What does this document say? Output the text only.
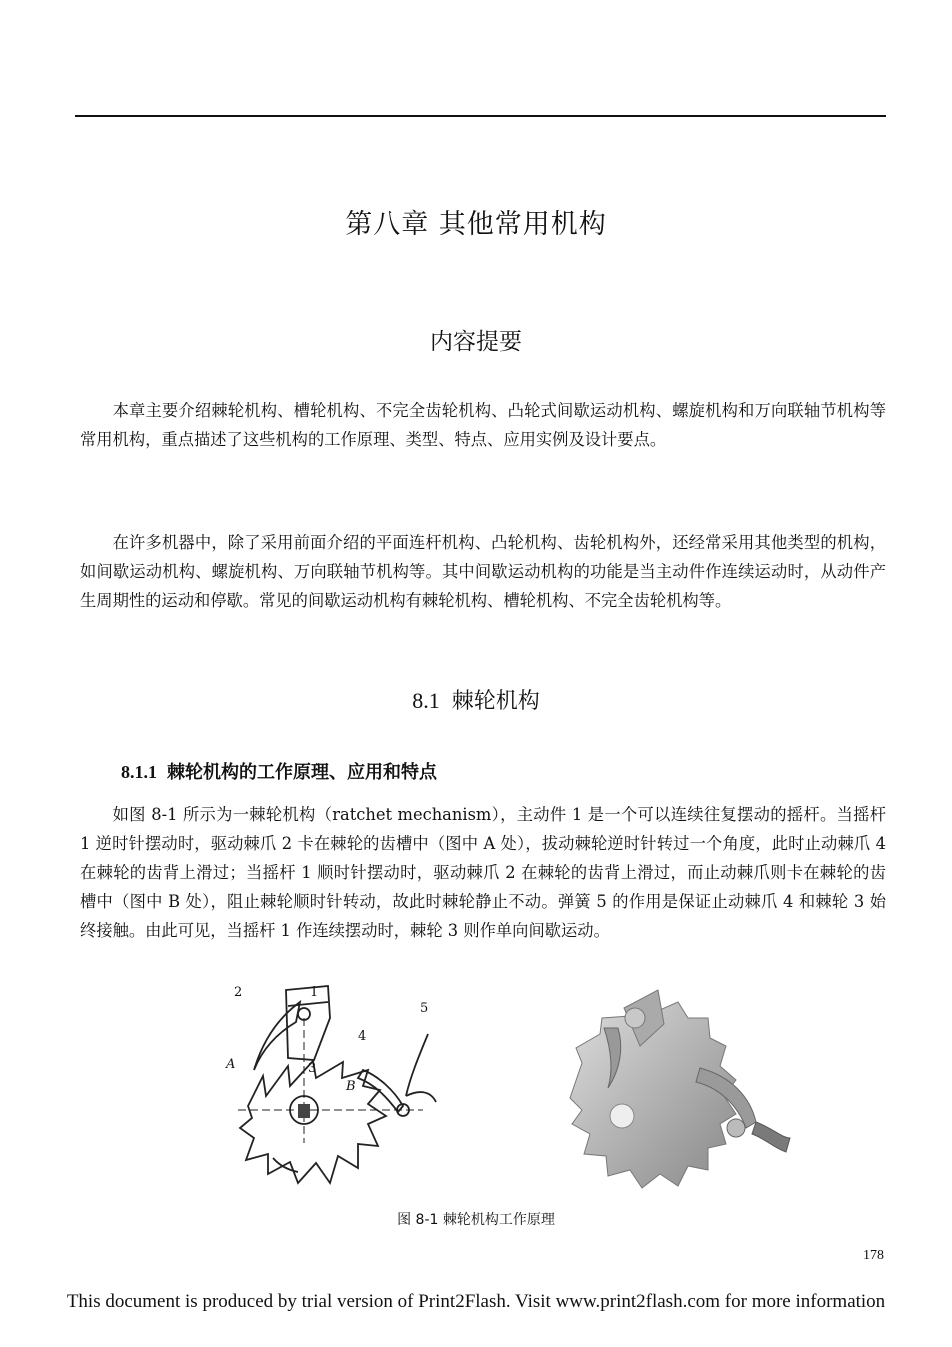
第八章 其他常用机构
内容提要

本章主要介绍棘轮机构、槽轮机构、不完全齿轮机构、凸轮式间歇运动机构、螺旋机构和万向联轴节机构等常用机构，重点描述了这些机构的工作原理、类型、特点、应用实例及设计要点。

在许多机器中，除了采用前面介绍的平面连杆机构、凸轮机构、齿轮机构外，还经常采用其他类型的机构，如间歇运动机构、螺旋机构、万向联轴节机构等。其中间歇运动机构的功能是当主动件作连续运动时，从动件产生周期性的运动和停歇。常见的间歇运动机构有棘轮机构、槽轮机构、不完全齿轮机构等。

8.1 棘轮机构
8.1.1 棘轮机构的工作原理、应用和特点

如图 8-1 所示为一棘轮机构（ratchet mechanism），主动件 1 是一个可以连续往复摆动的摇杆。当摇杆 1 逆时针摆动时，驱动棘爪 2 卡在棘轮的齿槽中（图中 A 处），拔动棘轮逆时针转过一个角度，此时止动棘爪 4 在棘轮的齿背上滑过；当摇杆 1 顺时针摆动时，驱动棘爪 2 在棘轮的齿背上滑过，而止动棘爪则卡在棘轮的齿槽中（图中 B 处），阻止棘轮顺时针转动，故此时棘轮静止不动。弹簧 5 的作用是保证止动棘爪 4 和棘轮 3 始终接触。由此可见，当摇杆 1 作连续摆动时，棘轮 3 则作单向间歇运动。

1
2
3
4
5
A
B
图 8-1 棘轮机构工作原理
178
This document is produced by trial version of Print2Flash. Visit www.print2flash.com for more information
